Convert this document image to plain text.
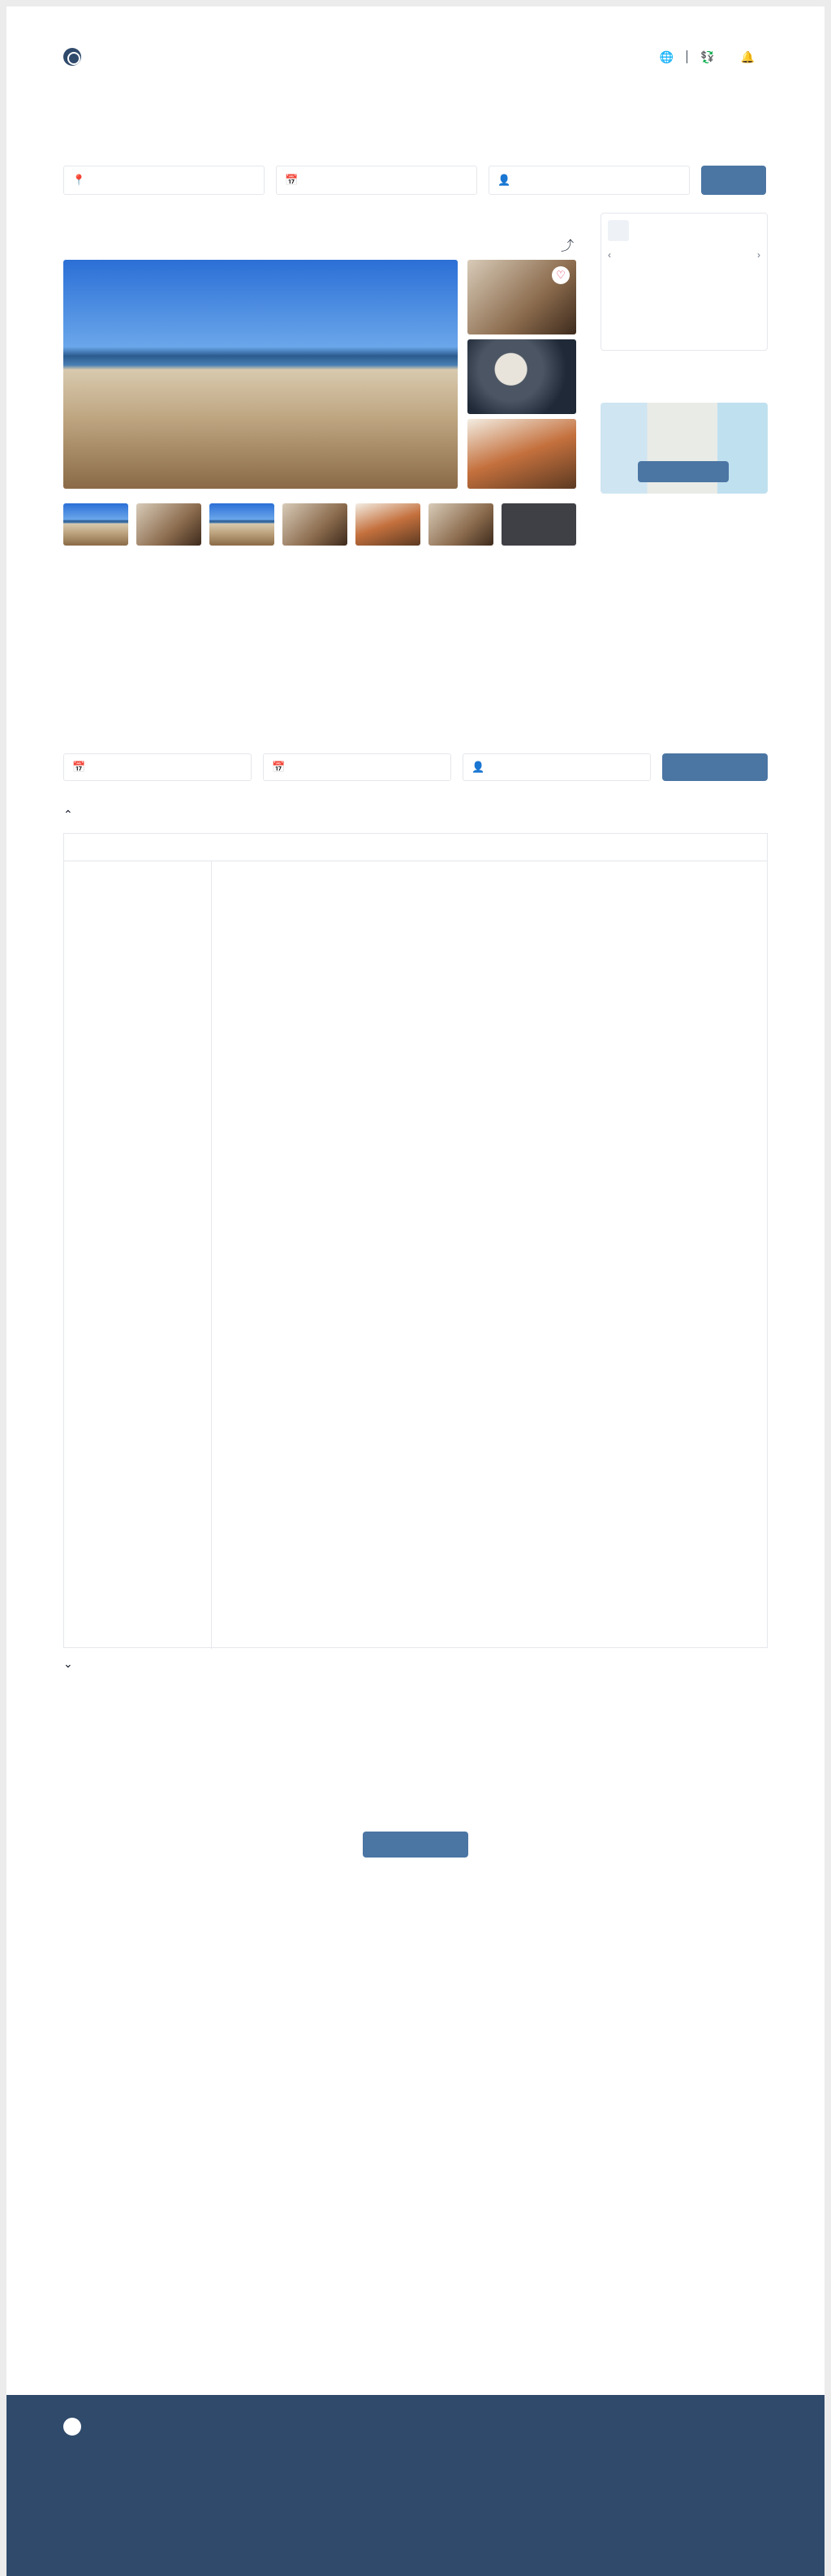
🌐 💱 🔔
📍	📅	👤
⤴
♡
‹	›
📅	📅	👤
⌃
⌄
